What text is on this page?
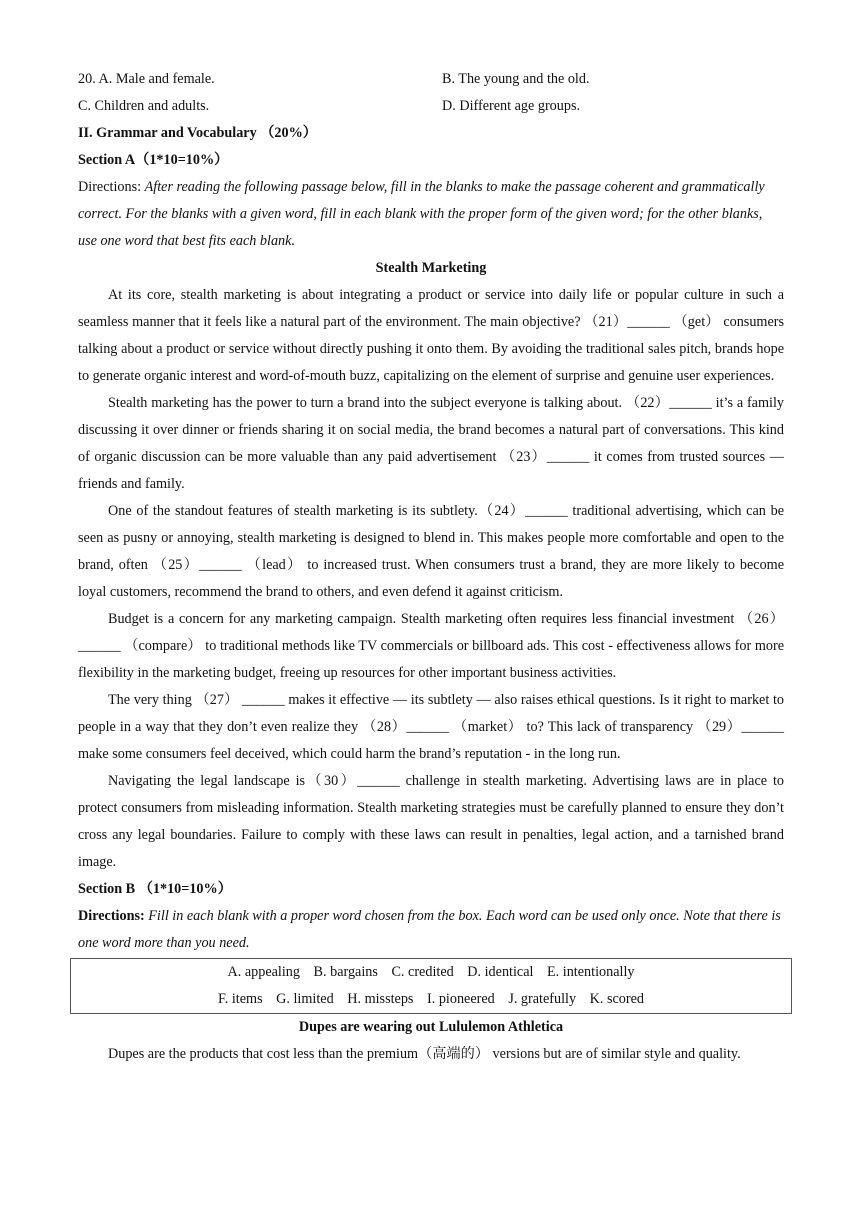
20. A. Male and female.	B. The young and the old.
C. Children and adults.	D. Different age groups.
II. Grammar and Vocabulary （20%）
Section A（1*10=10%）

Directions: After reading the following passage below, fill in the blanks to make the passage coherent and grammatically correct. For the blanks with a given word, fill in each blank with the proper form of the given word; for the other blanks, use one word that best fits each blank.

Stealth Marketing

At its core, stealth marketing is about integrating a product or service into daily life or popular culture in such a seamless manner that it feels like a natural part of the environment. The main objective? （21）______ （get） consumers talking about a product or service without directly pushing it onto them. By avoiding the traditional sales pitch, brands hope to generate organic interest and word-of-mouth buzz, capitalizing on the element of surprise and genuine user experiences.

Stealth marketing has the power to turn a brand into the subject everyone is talking about. （22）______ it’s a family discussing it over dinner or friends sharing it on social media, the brand becomes a natural part of conversations. This kind of organic discussion can be more valuable than any paid advertisement （23）______ it comes from trusted sources — friends and family.

One of the standout features of stealth marketing is its subtlety.（24）______ traditional advertising, which can be seen as pusny or annoying, stealth marketing is designed to blend in. This makes people more comfortable and open to the brand, often （25）______ （lead） to increased trust. When consumers trust a brand, they are more likely to become loyal customers, recommend the brand to others, and even defend it against criticism.

Budget is a concern for any marketing campaign. Stealth marketing often requires less financial investment （26）______ （compare） to traditional methods like TV commercials or billboard ads. This cost - effectiveness allows for more flexibility in the marketing budget, freeing up resources for other important business activities.

The very thing （27） ______ makes it effective — its subtlety — also raises ethical questions. Is it right to market to people in a way that they don’t even realize they （28）______ （market） to? This lack of transparency （29）______ make some consumers feel deceived, which could harm the brand’s reputation - in the long run.

Navigating the legal landscape is（30）______ challenge in stealth marketing. Advertising laws are in place to protect consumers from misleading information. Stealth marketing strategies must be carefully planned to ensure they don’t cross any legal boundaries. Failure to comply with these laws can result in penalties, legal action, and a tarnished brand image.

Section B （1*10=10%）

Directions: Fill in each blank with a proper word chosen from the box. Each word can be used only once. Note that there is one word more than you need.

A. appealing B. bargains C. credited D. identical E. intentionally
F. items G. limited H. missteps I. pioneered J. gratefully K. scored
Dupes are wearing out Lululemon Athletica

Dupes are the products that cost less than the premium（高端的） versions but are of similar style and quality.
